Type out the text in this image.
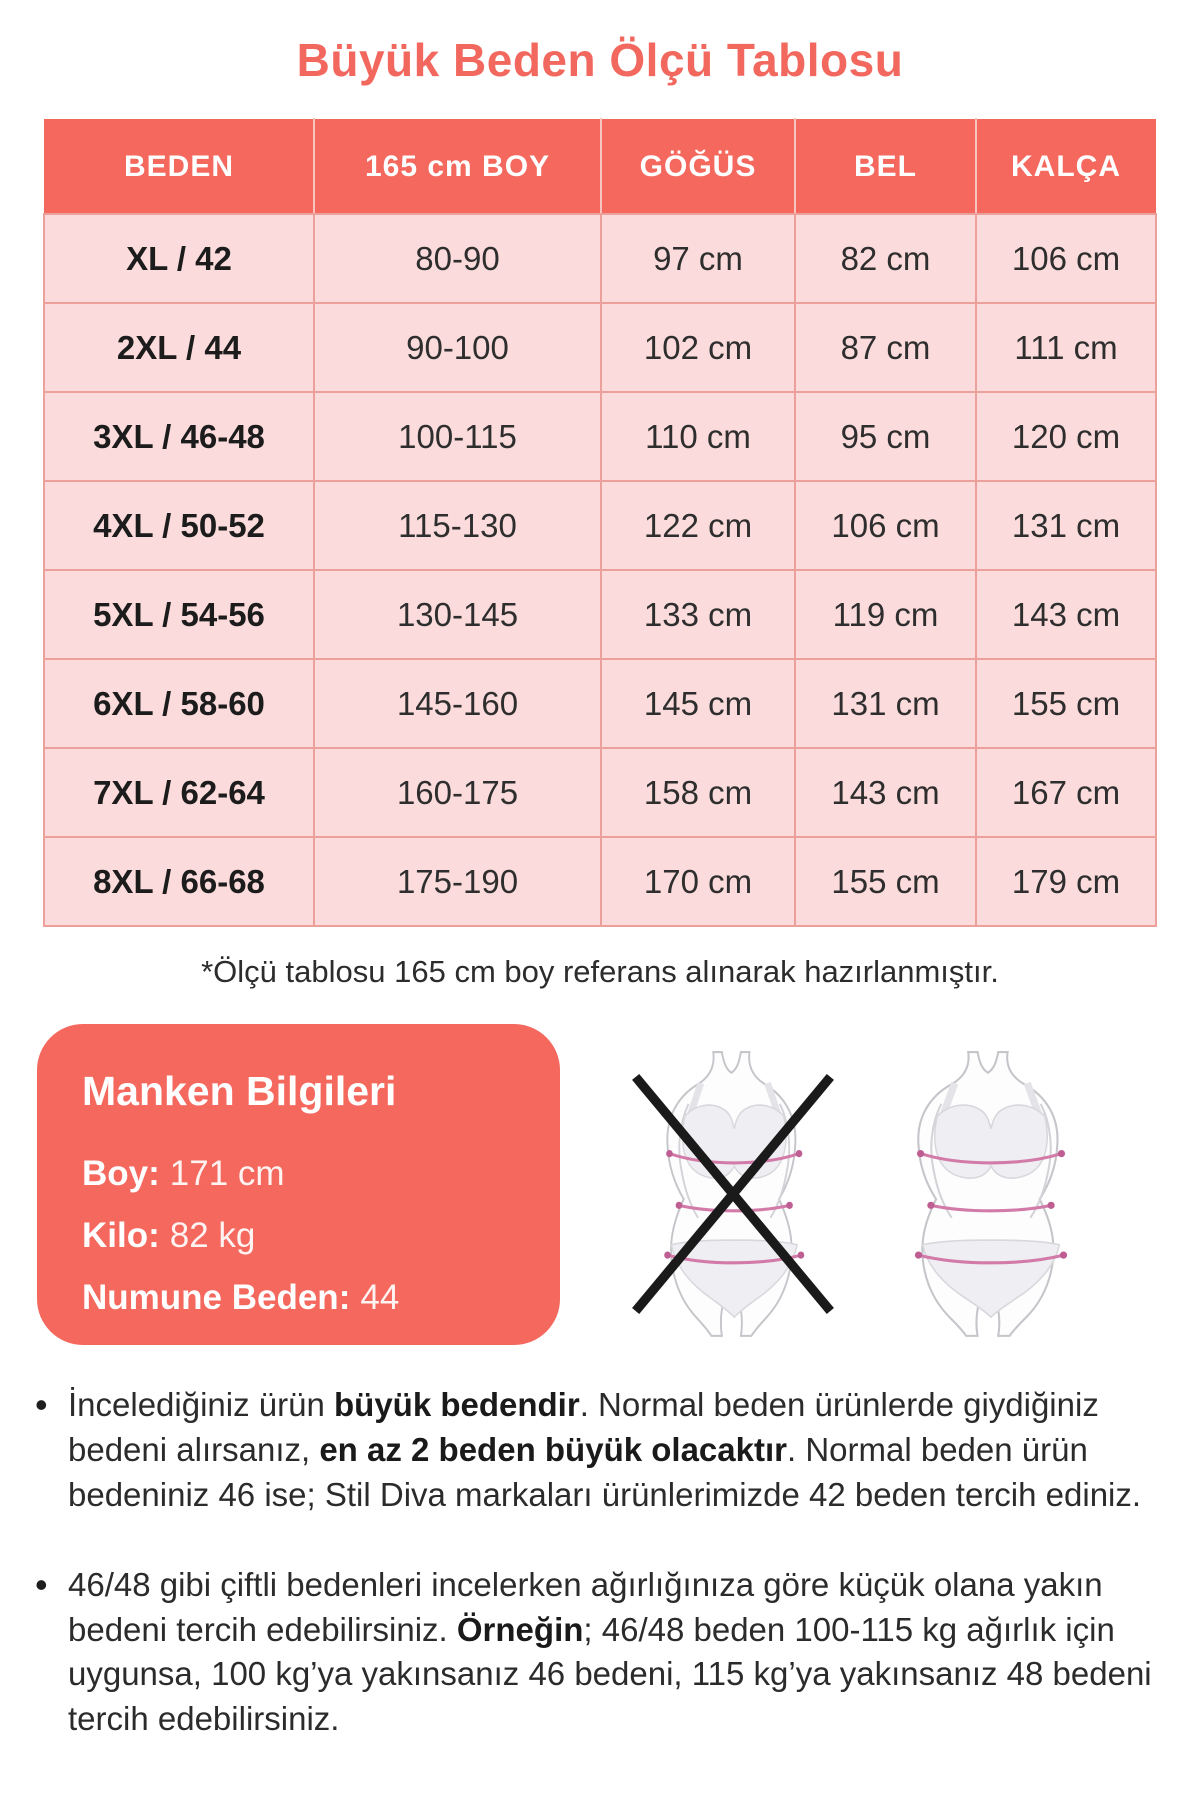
Büyük Beden Ölçü Tablosu
BEDEN	165 cm BOY	GÖĞÜS	BEL	KALÇA
XL / 42	80-90	97 cm	82 cm	106 cm
2XL / 44	90-100	102 cm	87 cm	111 cm
3XL / 46-48	100-115	110 cm	95 cm	120 cm
4XL / 50-52	115-130	122 cm	106 cm	131 cm
5XL / 54-56	130-145	133 cm	119 cm	143 cm
6XL / 58-60	145-160	145 cm	131 cm	155 cm
7XL / 62-64	160-175	158 cm	143 cm	167 cm
8XL / 66-68	175-190	170 cm	155 cm	179 cm
*Ölçü tablosu 165 cm boy referans alınarak hazırlanmıştır.
Manken Bilgileri
Boy: 171 cm
Kilo: 82 kg
Numune Beden: 44
• İncelediğiniz ürün büyük bedendir. Normal beden ürünlerde giydiğiniz bedeni alırsanız, en az 2 beden büyük olacaktır. Normal beden ürün bedeniniz 46 ise; Stil Diva markaları ürünlerimizde 42 beden tercih ediniz.
• 46/48 gibi çiftli bedenleri incelerken ağırlığınıza göre küçük olana yakın bedeni tercih edebilirsiniz. Örneğin; 46/48 beden 100-115 kg ağırlık için uygunsa, 100 kg’ya yakınsanız 46 bedeni, 115 kg’ya yakınsanız 48 bedeni tercih edebilirsiniz.
